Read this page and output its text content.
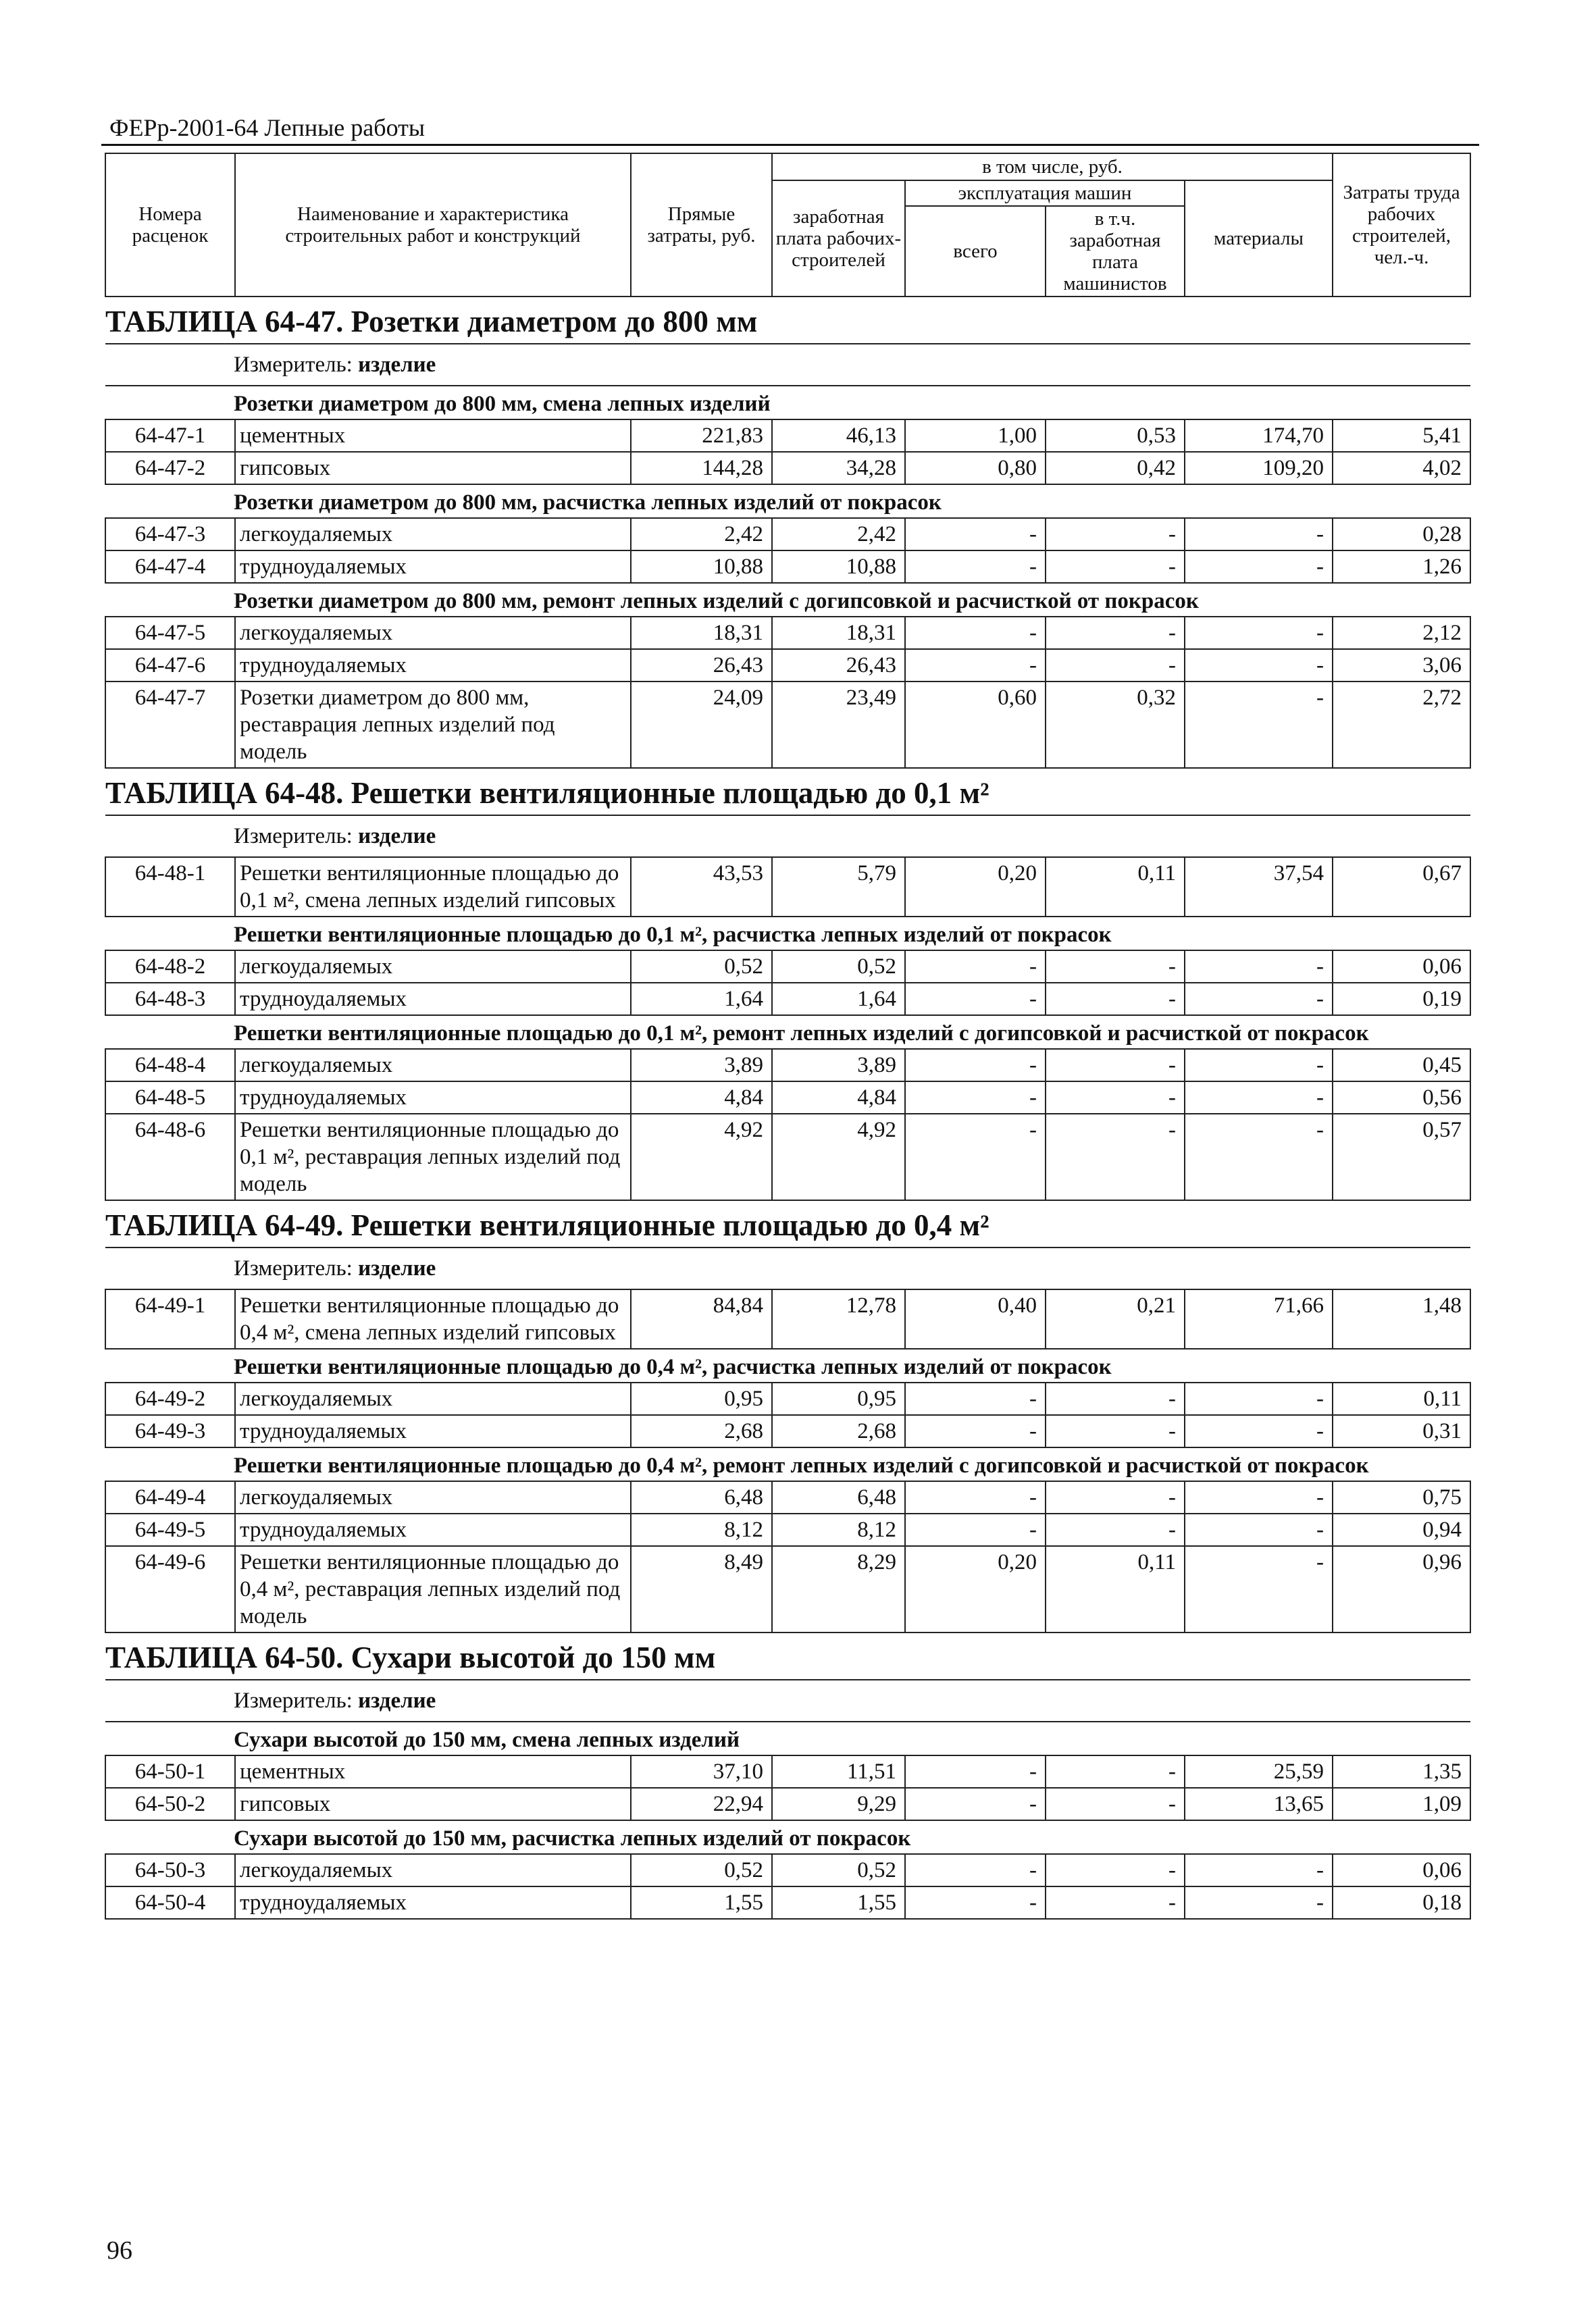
ФЕРр-2001-64 Лепные работы
Номера расценок	Наименование и характеристика строительных работ и конструкций	Прямые затраты, руб.	в том числе, руб.				Затраты труда рабочих строителей, чел.-ч.
			заработная плата рабочих-строителей	эксплуатация машин		материалы	
				всего	в т.ч. заработная плата машинистов		
ТАБЛИЦА 64-47. Розетки диаметром до 800 мм							
Измеритель: изделие							
Розетки диаметром до 800 мм, смена лепных изделий							
64-47-1	цементных	221,83	46,13	1,00	0,53	174,70	5,41
64-47-2	гипсовых	144,28	34,28	0,80	0,42	109,20	4,02
Розетки диаметром до 800 мм, расчистка лепных изделий от покрасок							
64-47-3	легкоудаляемых	2,42	2,42	-	-	-	0,28
64-47-4	трудноудаляемых	10,88	10,88	-	-	-	1,26
Розетки диаметром до 800 мм, ремонт лепных изделий с догипсовкой и расчисткой от покрасок							
64-47-5	легкоудаляемых	18,31	18,31	-	-	-	2,12
64-47-6	трудноудаляемых	26,43	26,43	-	-	-	3,06
64-47-7	Розетки диаметром до 800 мм, реставрация лепных изделий под модель	24,09	23,49	0,60	0,32	-	2,72
ТАБЛИЦА 64-48. Решетки вентиляционные площадью до 0,1 м²							
Измеритель: изделие							
64-48-1	Решетки вентиляционные площадью до 0,1 м², смена лепных изделий гипсовых	43,53	5,79	0,20	0,11	37,54	0,67
Решетки вентиляционные площадью до 0,1 м², расчистка лепных изделий от покрасок							
64-48-2	легкоудаляемых	0,52	0,52	-	-	-	0,06
64-48-3	трудноудаляемых	1,64	1,64	-	-	-	0,19
Решетки вентиляционные площадью до 0,1 м², ремонт лепных изделий с догипсовкой и расчисткой от покрасок							
64-48-4	легкоудаляемых	3,89	3,89	-	-	-	0,45
64-48-5	трудноудаляемых	4,84	4,84	-	-	-	0,56
64-48-6	Решетки вентиляционные площадью до 0,1 м², реставрация лепных изделий под модель	4,92	4,92	-	-	-	0,57
ТАБЛИЦА 64-49. Решетки вентиляционные площадью до 0,4 м²							
Измеритель: изделие							
64-49-1	Решетки вентиляционные площадью до 0,4 м², смена лепных изделий гипсовых	84,84	12,78	0,40	0,21	71,66	1,48
Решетки вентиляционные площадью до 0,4 м², расчистка лепных изделий от покрасок							
64-49-2	легкоудаляемых	0,95	0,95	-	-	-	0,11
64-49-3	трудноудаляемых	2,68	2,68	-	-	-	0,31
Решетки вентиляционные площадью до 0,4 м², ремонт лепных изделий с догипсовкой и расчисткой от покрасок							
64-49-4	легкоудаляемых	6,48	6,48	-	-	-	0,75
64-49-5	трудноудаляемых	8,12	8,12	-	-	-	0,94
64-49-6	Решетки вентиляционные площадью до 0,4 м², реставрация лепных изделий под модель	8,49	8,29	0,20	0,11	-	0,96
ТАБЛИЦА 64-50. Сухари высотой до 150 мм							
Измеритель: изделие							
Сухари высотой до 150 мм, смена лепных изделий							
64-50-1	цементных	37,10	11,51	-	-	25,59	1,35
64-50-2	гипсовых	22,94	9,29	-	-	13,65	1,09
Сухари высотой до 150 мм, расчистка лепных изделий от покрасок							
64-50-3	легкоудаляемых	0,52	0,52	-	-	-	0,06
64-50-4	трудноудаляемых	1,55	1,55	-	-	-	0,18
96
